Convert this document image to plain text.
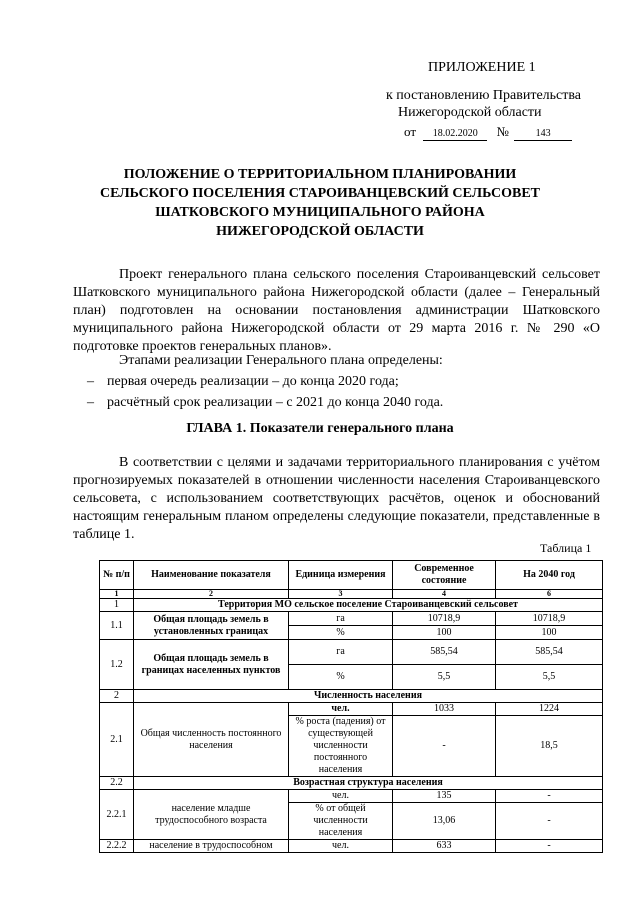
ПРИЛОЖЕНИЕ 1
к постановлению Правительства
Нижегородской области
от 18.02.2020 №	143
ПОЛОЖЕНИЕ О ТЕРРИТОРИАЛЬНОМ ПЛАНИРОВАНИИ
СЕЛЬСКОГО ПОСЕЛЕНИЯ СТАРОИВАНЦЕВСКИЙ СЕЛЬСОВЕТ
ШАТКОВСКОГО МУНИЦИПАЛЬНОГО РАЙОНА
НИЖЕГОРОДСКОЙ ОБЛАСТИ
Проект генерального плана сельского поселения Староиванцевский сельсовет Шатковского муниципального района Нижегородской области (далее – Генеральный план) подготовлен на основании постановления администрации Шатковского муниципального района Нижегородской области от 29 марта 2016 г. № 290 «О подготовке проектов генеральных планов».
Этапами реализации Генерального плана определены:
– первая очередь реализации – до конца 2020 года;
– расчётный срок реализации – с 2021 до конца 2040 года.
ГЛАВА 1. Показатели генерального плана
В соответствии с целями и задачами территориального планирования с учётом прогнозируемых показателей в отношении численности населения Староиванцевского сельсовета, с использованием соответствующих расчётов, оценок и обоснований настоящим генеральным планом определены следующие показатели, представленные в таблице 1.
Таблица 1
№ п/п	Наименование показателя	Единица измерения	Современное состояние	На 2040 год
1	2	3	4	6
1	Территория МО сельское поселение Староиванцевский сельсовет			
1.1	Общая площадь земель в установленных границах	га	10718,9	10718,9
		%	100	100
1.2	Общая площадь земель в границах населенных пунктов	га	585,54	585,54
		%	5,5	5,5
2	Численность населения			
2.1	Общая численность постоянного населения	чел.	1033	1224
		% роста (падения) от существующей численности постоянного населения	-	18,5
2.2	Возрастная структура населения			
2.2.1	население младше трудоспособного возраста	чел.	135	-
		% от общей численности населения	13,06	-
2.2.2	население в трудоспособном	чел.	633	-
